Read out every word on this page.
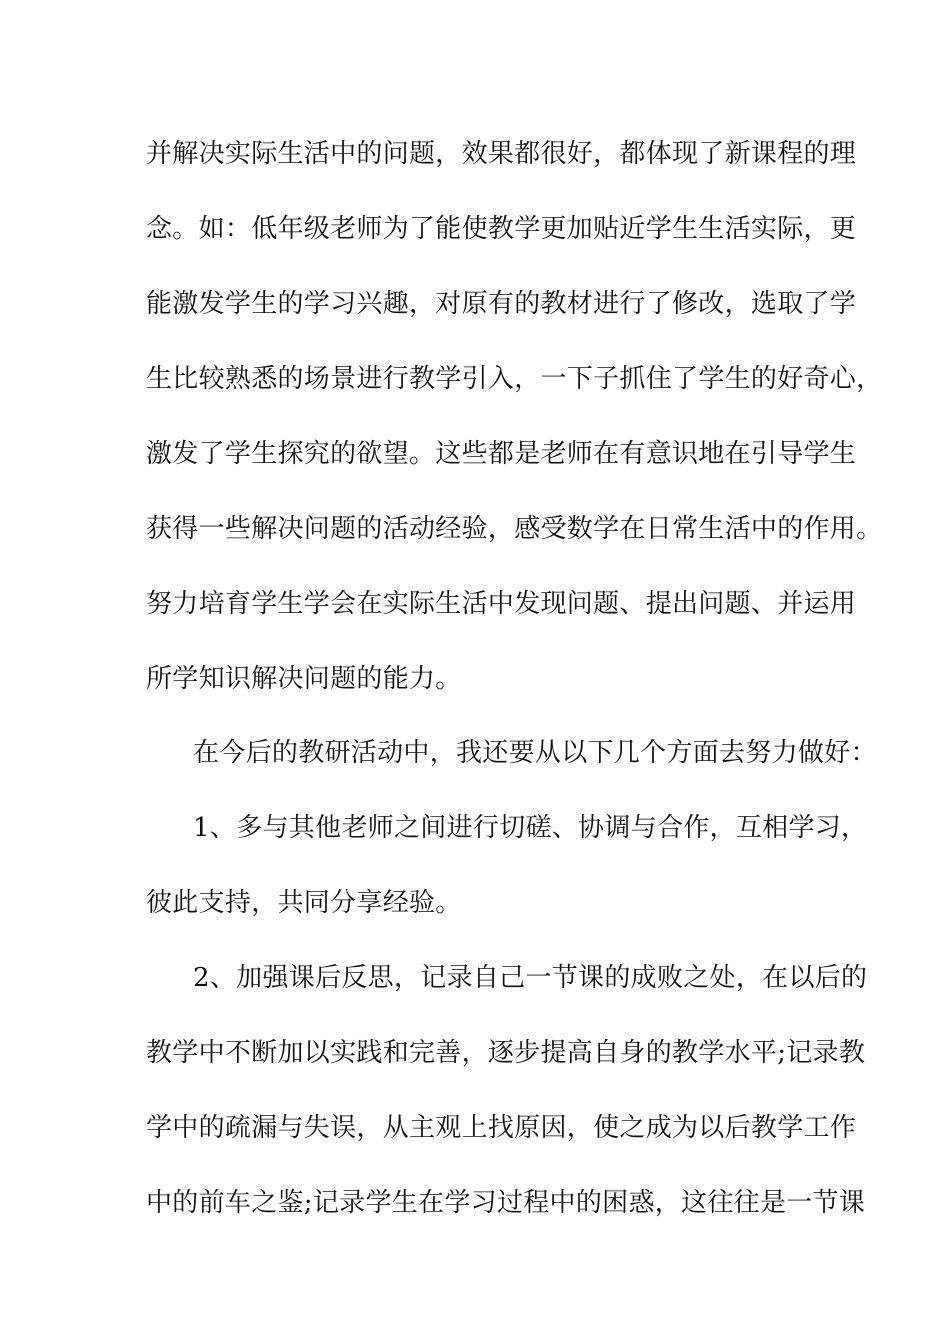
并解决实际生活中的问题，效果都很好，都体现了新课程的理
念。如：低年级老师为了能使教学更加贴近学生生活实际，更
能激发学生的学习兴趣，对原有的教材进行了修改，选取了学
生比较熟悉的场景进行教学引入，一下子抓住了学生的好奇心，
激发了学生探究的欲望。这些都是老师在有意识地在引导学生
获得一些解决问题的活动经验，感受数学在日常生活中的作用。
努力培育学生学会在实际生活中发现问题、提出问题、并运用
所学知识解决问题的能力。
在今后的教研活动中，我还要从以下几个方面去努力做好：
1、多与其他老师之间进行切磋、协调与合作，互相学习，
彼此支持，共同分享经验。
2、加强课后反思，记录自己一节课的成败之处，在以后的
教学中不断加以实践和完善，逐步提高自身的教学水平;记录教
学中的疏漏与失误，从主观上找原因，使之成为以后教学工作
中的前车之鉴;记录学生在学习过程中的困惑，这往往是一节课
